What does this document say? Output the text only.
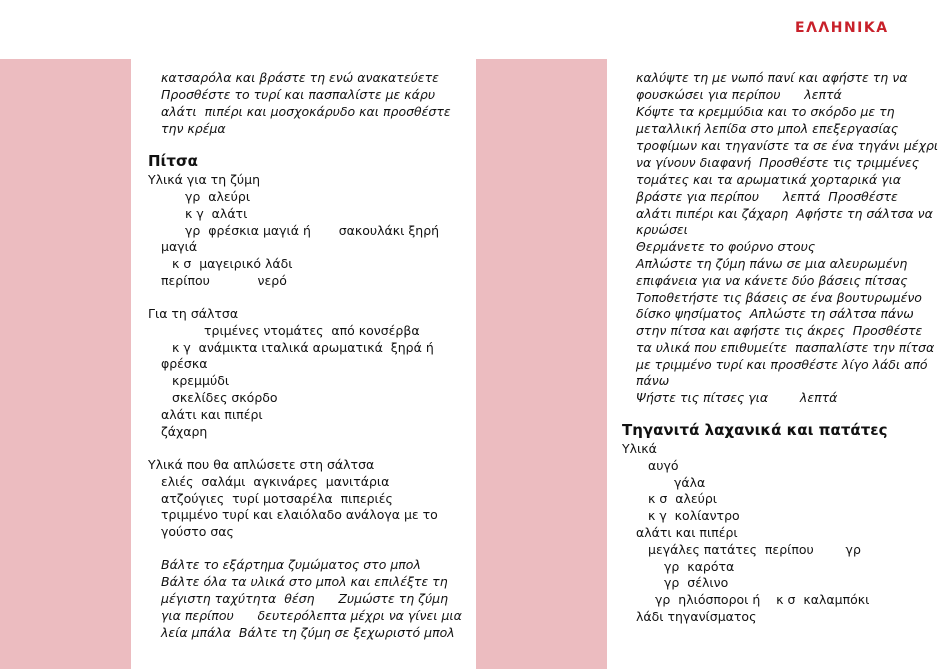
ΕΛΛΗΝΙΚΑ
κατσαρόλα και βράστε τη ενώ ανακατεύετε
Προσθέστε το τυρί και πασπαλίστε με κάρυ
αλάτι  πιπέρι και μοσχοκάρυδο και προσθέστε
την κρέμα
Πίτσα
Υλικά για τη ζύμη
γρ  αλεύρι
κ γ  αλάτι
γρ  φρέσκια μαγιά ή       σακουλάκι ξηρή
μαγιά
κ σ  μαγειρικό λάδι
περίπου            νερό
Για τη σάλτσα
τριμένες ντομάτες  από κονσέρβα
κ γ  ανάμικτα ιταλικά αρωματικά  ξηρά ή
φρέσκα
κρεμμύδι
σκελίδες σκόρδο
αλάτι και πιπέρι
ζάχαρη
Υλικά που θα απλώσετε στη σάλτσα
ελιές  σαλάμι  αγκινάρες  μανιτάρια
ατζούγιες  τυρί μοτσαρέλα  πιπεριές
τριμμένο τυρί και ελαιόλαδο ανάλογα με το
γούστο σας
Βάλτε το εξάρτημα ζυμώματος στο μπολ
Βάλτε όλα τα υλικά στο μπολ και επιλέξτε τη
μέγιστη ταχύτητα  θέση      Ζυμώστε τη ζύμη
για περίπου      δευτερόλεπτα μέχρι να γίνει μια
λεία μπάλα  Βάλτε τη ζύμη σε ξεχωριστό μπολ
καλύψτε τη με νωπό πανί και αφήστε τη να
φουσκώσει για περίπου      λεπτά
Κόψτε τα κρεμμύδια και το σκόρδο με τη
μεταλλική λεπίδα στο μπολ επεξεργασίας
τροφίμων και τηγανίστε τα σε ένα τηγάνι μέχρι
να γίνουν διαφανή  Προσθέστε τις τριμμένες
τομάτες και τα αρωματικά χορταρικά για
βράστε για περίπου      λεπτά  Προσθέστε
αλάτι πιπέρι και ζάχαρη  Αφήστε τη σάλτσα να
κρυώσει
Θερμάνετε το φούρνο στους
Απλώστε τη ζύμη πάνω σε μια αλευρωμένη
επιφάνεια για να κάνετε δύο βάσεις πίτσας
Τοποθετήστε τις βάσεις σε ένα βουτυρωμένο
δίσκο ψησίματος  Απλώστε τη σάλτσα πάνω
στην πίτσα και αφήστε τις άκρες  Προσθέστε
τα υλικά που επιθυμείτε  πασπαλίστε την πίτσα
με τριμμένο τυρί και προσθέστε λίγο λάδι από
πάνω
Ψήστε τις πίτσες για        λεπτά
Τηγανιτά λαχανικά και πατάτες
Υλικά
αυγό
γάλα
κ σ  αλεύρι
κ γ  κολίαντρο
αλάτι και πιπέρι
μεγάλες πατάτες  περίπου        γρ
γρ  καρότα
γρ  σέλινο
γρ  ηλιόσποροι ή    κ σ  καλαμπόκι
λάδι τηγανίσματος
